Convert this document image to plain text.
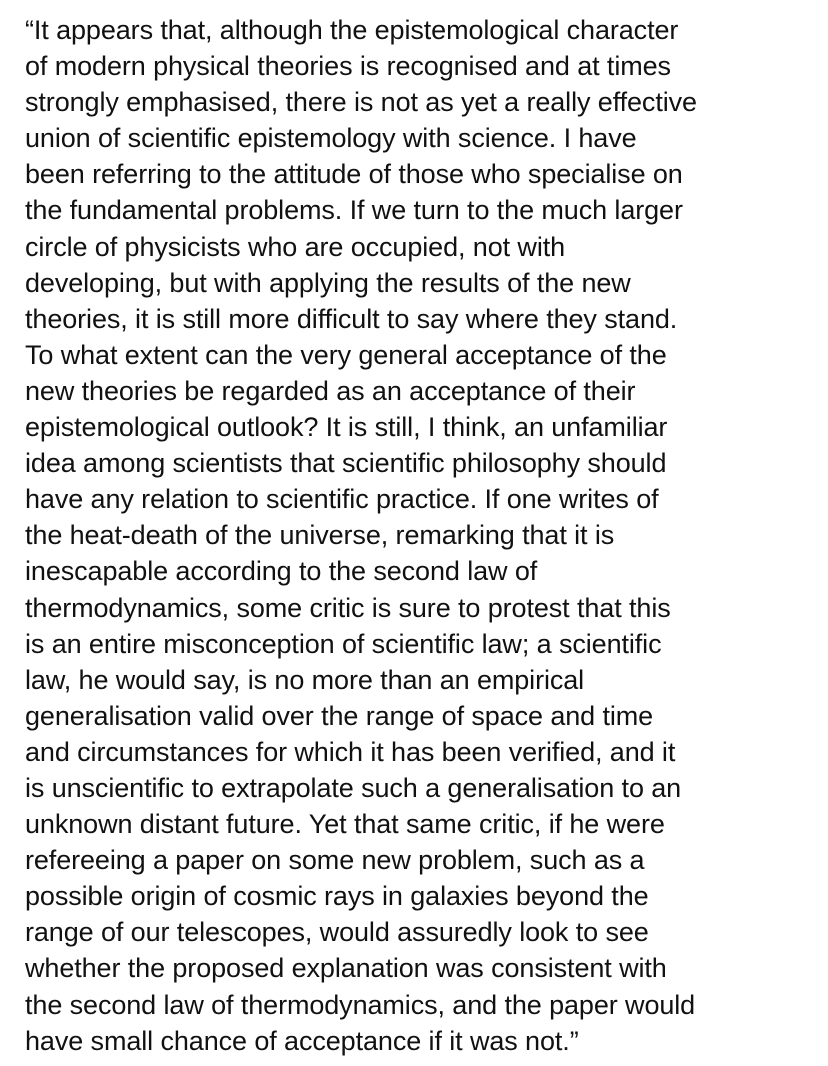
“It appears that, although the epistemological character
of modern physical theories is recognised and at times
strongly emphasised, there is not as yet a really effective
union of scientific epistemology with science. I have
been referring to the attitude of those who specialise on
the fundamental problems. If we turn to the much larger
circle of physicists who are occupied, not with
developing, but with applying the results of the new
theories, it is still more difficult to say where they stand.
To what extent can the very general acceptance of the
new theories be regarded as an acceptance of their
epistemological outlook? It is still, I think, an unfamiliar
idea among scientists that scientific philosophy should
have any relation to scientific practice. If one writes of
the heat-death of the universe, remarking that it is
inescapable according to the second law of
thermodynamics, some critic is sure to protest that this
is an entire misconception of scientific law; a scientific
law, he would say, is no more than an empirical
generalisation valid over the range of space and time
and circumstances for which it has been verified, and it
is unscientific to extrapolate such a generalisation to an
unknown distant future. Yet that same critic, if he were
refereeing a paper on some new problem, such as a
possible origin of cosmic rays in galaxies beyond the
range of our telescopes, would assuredly look to see
whether the proposed explanation was consistent with
the second law of thermodynamics, and the paper would
have small chance of acceptance if it was not.”
